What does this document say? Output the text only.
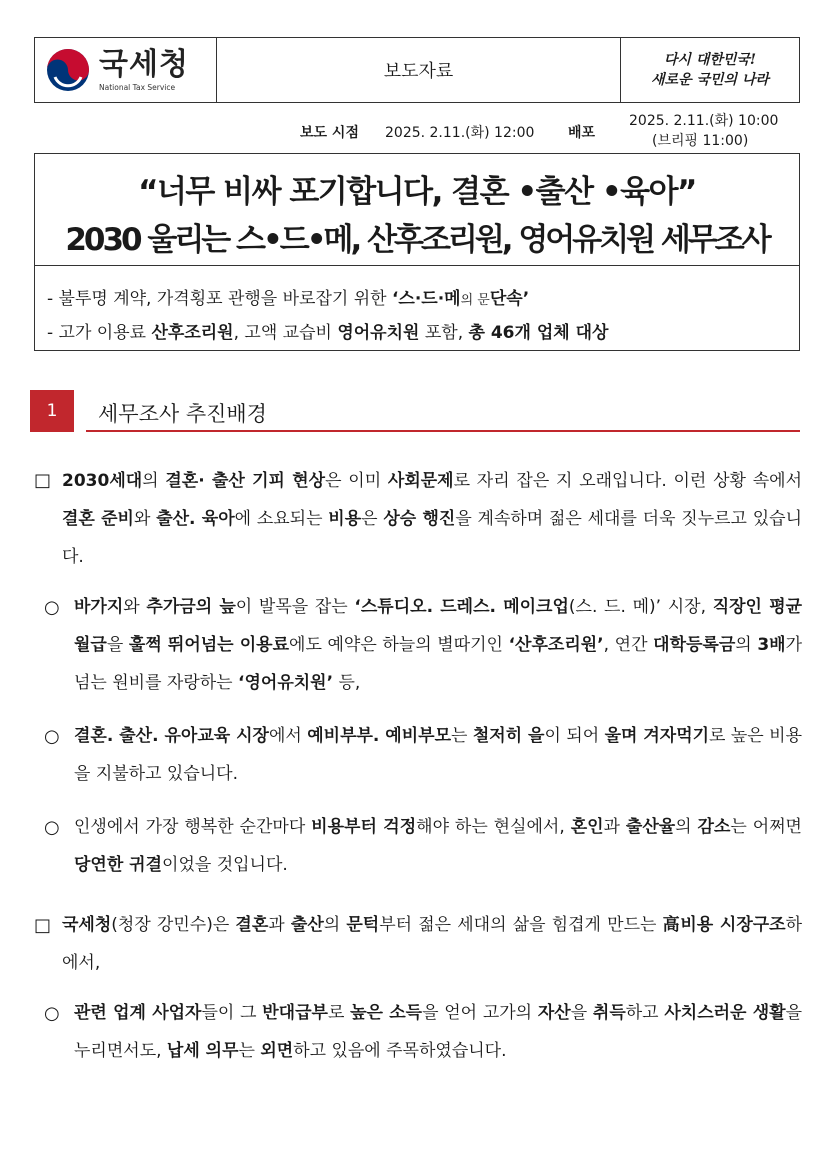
국세청
National Tax Service
보도자료
다시 대한민국!
새로운 국민의 나라
보도 시점 2025. 2.11.(화) 12:00 배포
2025. 2.11.(화) 10:00
(브리핑 11:00)
“너무 비싸 포기합니다, 결혼 •출산 •육아”
2030 울리는 스•드•메, 산후조리원, 영어유치원 세무조사
- 불투명 계약, 가격횡포 관행을 바로잡기 위한 ‘스·드·메의 문단속’
- 고가 이용료 산후조리원, 고액 교습비 영어유치원 포함, 총 46개 업체 대상
1	세무조사 추진배경
□ 2030세대의 결혼· 출산 기피 현상은 이미 사회문제로 자리 잡은 지 오래입니다. 이런 상황 속에서 결혼 준비와 출산. 육아에 소요되는 비용은 상승 행진을 계속하며 젊은 세대를 더욱 짓누르고 있습니다.
○ 바가지와 추가금의 늪이 발목을 잡는 ‘스튜디오. 드레스. 메이크업(스. 드. 메)’ 시장, 직장인 평균 월급을 훌쩍 뛰어넘는 이용료에도 예약은 하늘의 별따기인 ‘산후조리원’, 연간 대학등록금의 3배가 넘는 원비를 자랑하는 ‘영어유치원’ 등,
○ 결혼. 출산. 유아교육 시장에서 예비부부. 예비부모는 철저히 을이 되어 울며 겨자먹기로 높은 비용을 지불하고 있습니다.
○ 인생에서 가장 행복한 순간마다 비용부터 걱정해야 하는 현실에서, 혼인과 출산율의 감소는 어쩌면 당연한 귀결이었을 것입니다.
□ 국세청(청장 강민수)은 결혼과 출산의 문턱부터 젊은 세대의 삶을 힘겹게 만드는 高비용 시장구조하에서,
○ 관련 업계 사업자들이 그 반대급부로 높은 소득을 얻어 고가의 자산을 취득하고 사치스러운 생활을 누리면서도, 납세 의무는 외면하고 있음에 주목하였습니다.
